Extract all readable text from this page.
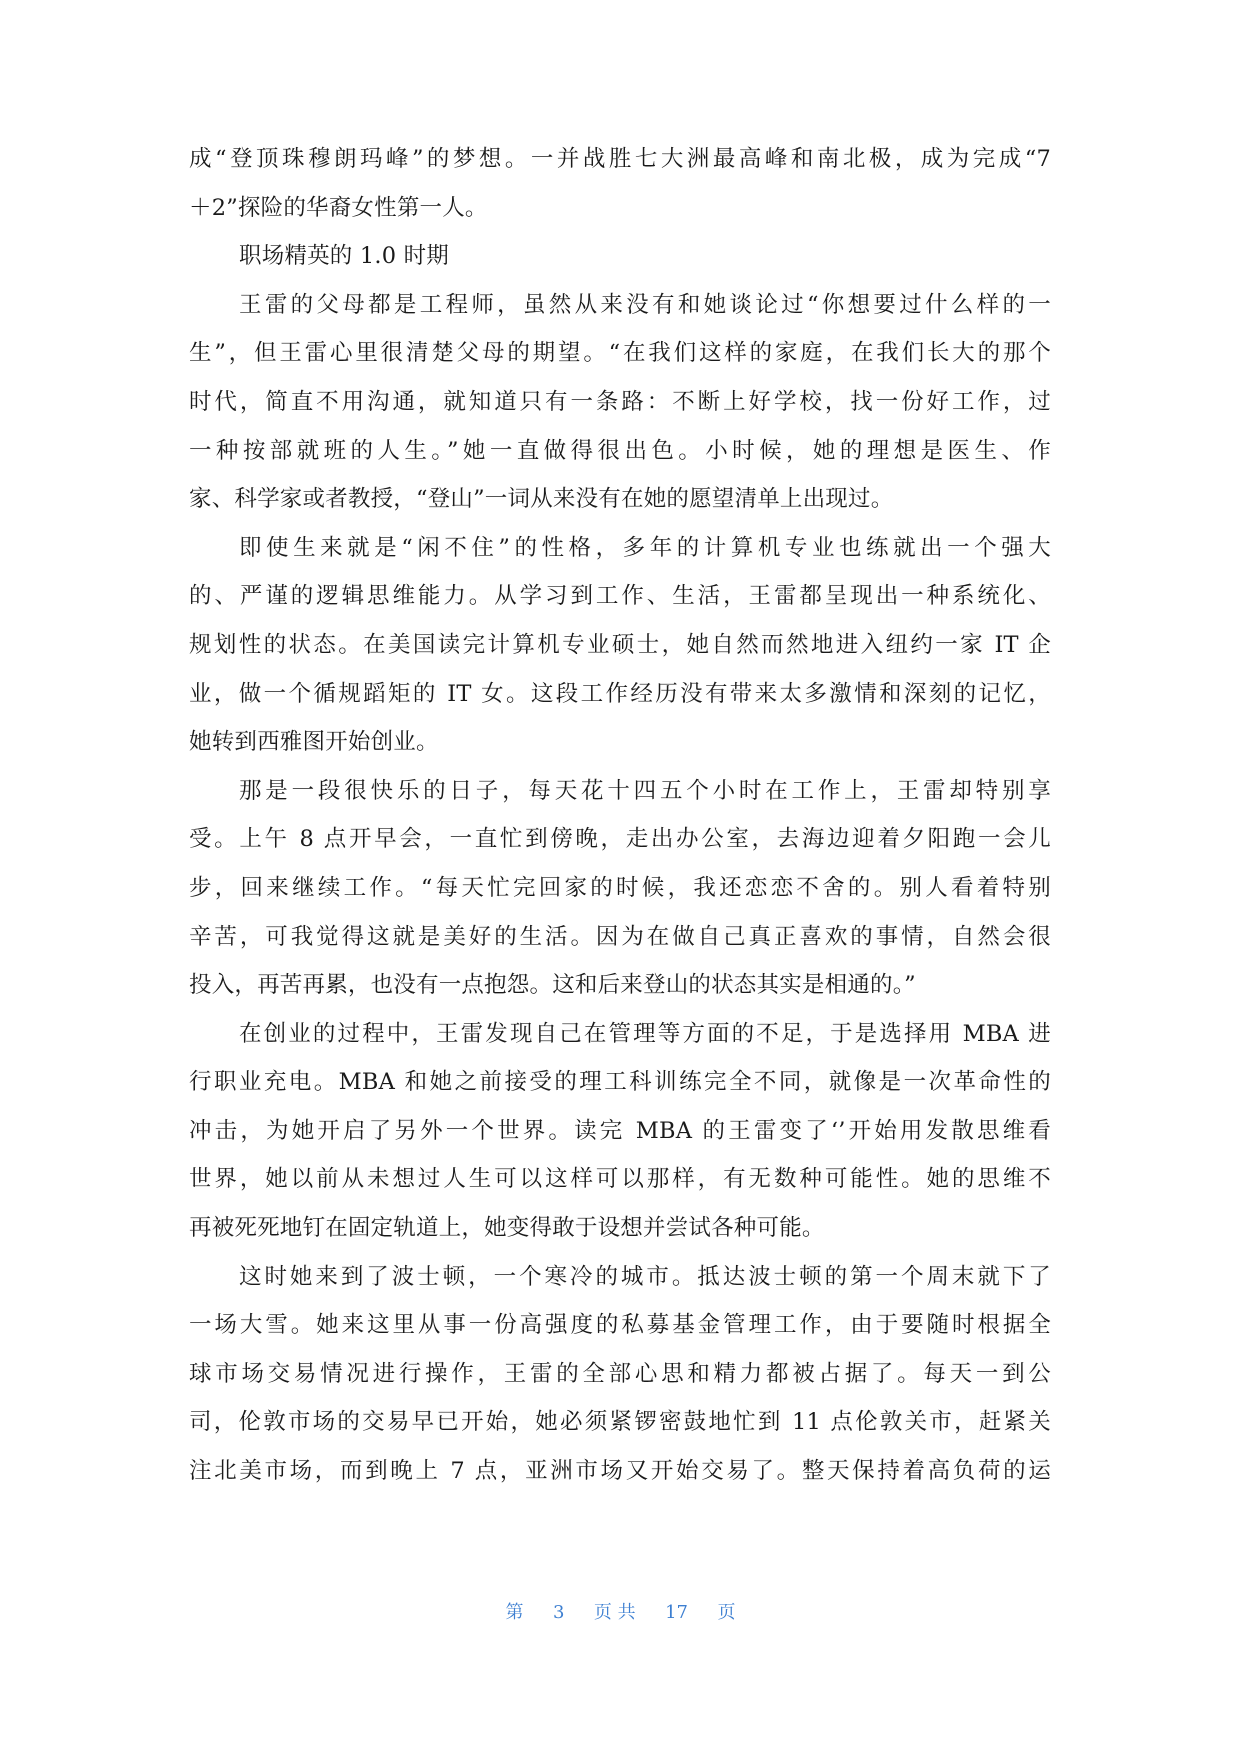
成“登顶珠穆朗玛峰”的梦想。一并战胜七大洲最高峰和南北极，成为完成“7
＋2”探险的华裔女性第一人。
职场精英的 1.0 时期
王雷的父母都是工程师，虽然从来没有和她谈论过“你想要过什么样的一
生”，但王雷心里很清楚父母的期望。“在我们这样的家庭，在我们长大的那个
时代，简直不用沟通，就知道只有一条路：不断上好学校，找一份好工作，过
一种按部就班的人生。”她一直做得很出色。小时候，她的理想是医生、作
家、科学家或者教授，“登山”一词从来没有在她的愿望清单上出现过。
即使生来就是“闲不住”的性格，多年的计算机专业也练就出一个强大
的、严谨的逻辑思维能力。从学习到工作、生活，王雷都呈现出一种系统化、
规划性的状态。在美国读完计算机专业硕士，她自然而然地进入纽约一家 IT 企
业，做一个循规蹈矩的 IT 女。这段工作经历没有带来太多激情和深刻的记忆，
她转到西雅图开始创业。
那是一段很快乐的日子，每天花十四五个小时在工作上，王雷却特别享
受。上午 8 点开早会，一直忙到傍晚，走出办公室，去海边迎着夕阳跑一会儿
步，回来继续工作。“每天忙完回家的时候，我还恋恋不舍的。别人看着特别
辛苦，可我觉得这就是美好的生活。因为在做自己真正喜欢的事情，自然会很
投入，再苦再累，也没有一点抱怨。这和后来登山的状态其实是相通的。”
在创业的过程中，王雷发现自己在管理等方面的不足，于是选择用 MBA 进
行职业充电。MBA 和她之前接受的理工科训练完全不同，就像是一次革命性的
冲击，为她开启了另外一个世界。读完 MBA 的王雷变了‘’开始用发散思维看
世界，她以前从未想过人生可以这样可以那样，有无数种可能性。她的思维不
再被死死地钉在固定轨道上，她变得敢于设想并尝试各种可能。
这时她来到了波士顿，一个寒冷的城市。抵达波士顿的第一个周末就下了
一场大雪。她来这里从事一份高强度的私募基金管理工作，由于要随时根据全
球市场交易情况进行操作，王雷的全部心思和精力都被占据了。每天一到公
司，伦敦市场的交易早已开始，她必须紧锣密鼓地忙到 11 点伦敦关市，赶紧关
注北美市场，而到晚上 7 点，亚洲市场又开始交易了。整天保持着高负荷的运
第 3 页 共 17 页
